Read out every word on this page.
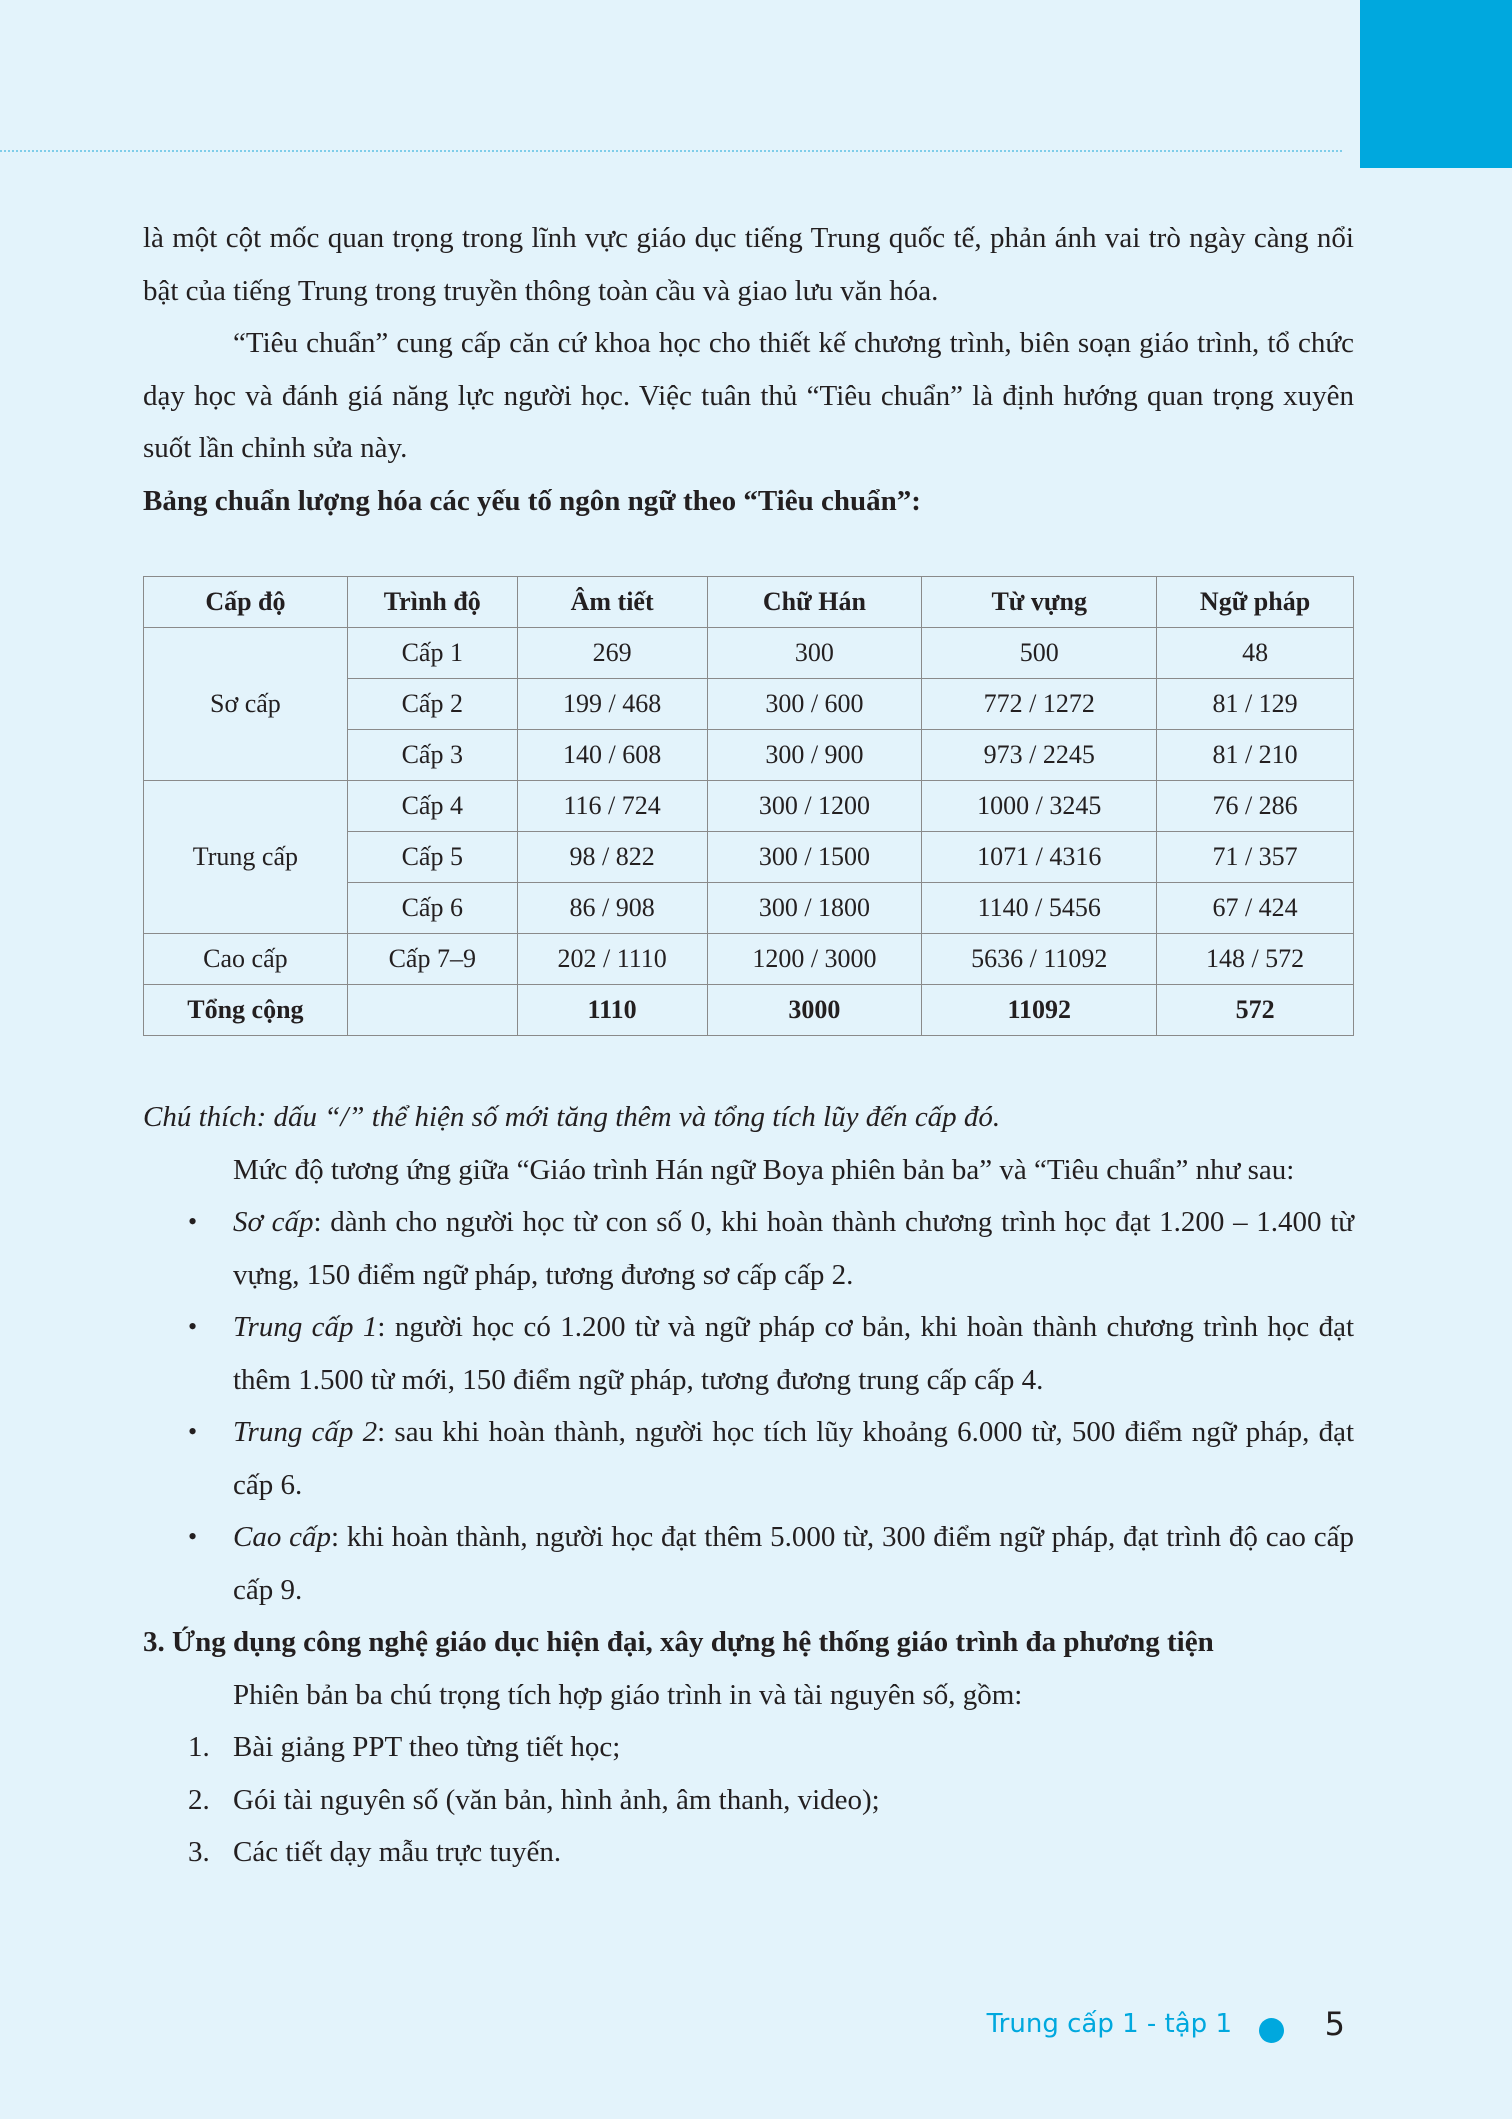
là một cột mốc quan trọng trong lĩnh vực giáo dục tiếng Trung quốc tế, phản ánh vai trò ngày càng nổi bật của tiếng Trung trong truyền thông toàn cầu và giao lưu văn hóa.

“Tiêu chuẩn” cung cấp căn cứ khoa học cho thiết kế chương trình, biên soạn giáo trình, tổ chức dạy học và đánh giá năng lực người học. Việc tuân thủ “Tiêu chuẩn” là định hướng quan trọng xuyên suốt lần chỉnh sửa này.

Bảng chuẩn lượng hóa các yếu tố ngôn ngữ theo “Tiêu chuẩn”:

Cấp độ	Trình độ	Âm tiết	Chữ Hán	Từ vựng	Ngữ pháp
Sơ cấp	Cấp 1	269	300	500	48
	Cấp 2	199 / 468	300 / 600	772 / 1272	81 / 129
	Cấp 3	140 / 608	300 / 900	973 / 2245	81 / 210
Trung cấp	Cấp 4	116 / 724	300 / 1200	1000 / 3245	76 / 286
	Cấp 5	98 / 822	300 / 1500	1071 / 4316	71 / 357
	Cấp 6	86 / 908	300 / 1800	1140 / 5456	67 / 424
Cao cấp	Cấp 7–9	202 / 1110	1200 / 3000	5636 / 11092	148 / 572
Tổng cộng		1110	3000	11092	572

Chú thích: dấu “/” thể hiện số mới tăng thêm và tổng tích lũy đến cấp đó.

Mức độ tương ứng giữa “Giáo trình Hán ngữ Boya phiên bản ba” và “Tiêu chuẩn” như sau:

• Sơ cấp: dành cho người học từ con số 0, khi hoàn thành chương trình học đạt 1.200 – 1.400 từ vựng, 150 điểm ngữ pháp, tương đương sơ cấp cấp 2.
• Trung cấp 1: người học có 1.200 từ và ngữ pháp cơ bản, khi hoàn thành chương trình học đạt thêm 1.500 từ mới, 150 điểm ngữ pháp, tương đương trung cấp cấp 4.
• Trung cấp 2: sau khi hoàn thành, người học tích lũy khoảng 6.000 từ, 500 điểm ngữ pháp, đạt cấp 6.
• Cao cấp: khi hoàn thành, người học đạt thêm 5.000 từ, 300 điểm ngữ pháp, đạt trình độ cao cấp cấp 9.

3. Ứng dụng công nghệ giáo dục hiện đại, xây dựng hệ thống giáo trình đa phương tiện

Phiên bản ba chú trọng tích hợp giáo trình in và tài nguyên số, gồm:

1. Bài giảng PPT theo từng tiết học;
2. Gói tài nguyên số (văn bản, hình ảnh, âm thanh, video);
3. Các tiết dạy mẫu trực tuyến.
Trung cấp 1 - tập 1	5
